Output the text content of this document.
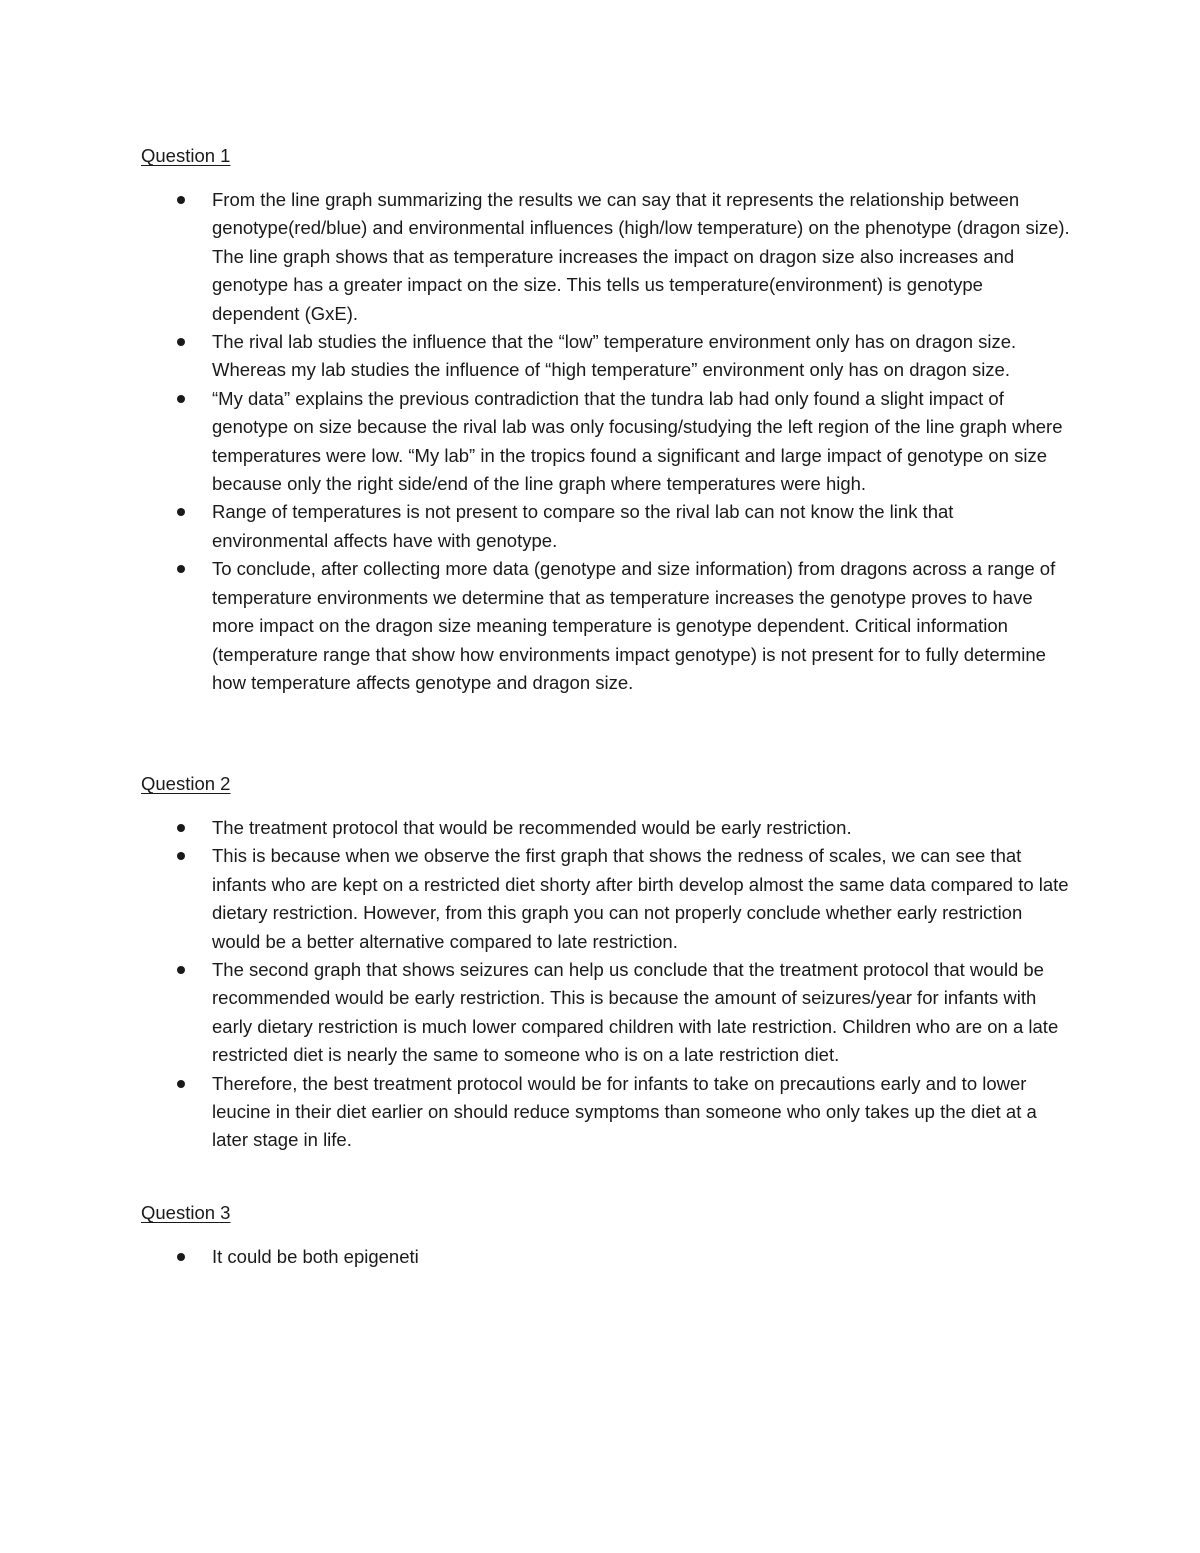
Question 1
From the line graph summarizing the results we can say that it represents the relationship between genotype(red/blue) and environmental influences (high/low temperature) on the phenotype (dragon size). The line graph shows that as temperature increases the impact on dragon size also increases and genotype has a greater impact on the size. This tells us temperature(environment) is genotype dependent (GxE).
The rival lab studies the influence that the “low” temperature environment only has on dragon size. Whereas my lab studies the influence of “high temperature” environment only has on dragon size.
“My data” explains the previous contradiction that the tundra lab had only found a slight impact of genotype on size because the rival lab was only focusing/studying the left region of the line graph where temperatures were low. “My lab” in the tropics found a significant and large impact of genotype on size because only the right side/end of the line graph where temperatures were high.
Range of temperatures is not present to compare so the rival lab can not know the link that environmental affects have with genotype.
To conclude, after collecting more data (genotype and size information) from dragons across a range of temperature environments we determine that as temperature increases the genotype proves to have more impact on the dragon size meaning temperature is genotype dependent. Critical information (temperature range that show how environments impact genotype) is not present for to fully determine how temperature affects genotype and dragon size.
Question 2
The treatment protocol that would be recommended would be early restriction.
This is because when we observe the first graph that shows the redness of scales, we can see that infants who are kept on a restricted diet shorty after birth develop almost the same data compared to late dietary restriction. However, from this graph you can not properly conclude whether early restriction would be a better alternative compared to late restriction.
The second graph that shows seizures can help us conclude that the treatment protocol that would be recommended would be early restriction. This is because the amount of seizures/year for infants with early dietary restriction is much lower compared children with late restriction. Children who are on a late restricted diet is nearly the same to someone who is on a late restriction diet.
Therefore, the best treatment protocol would be for infants to take on precautions early and to lower leucine in their diet earlier on should reduce symptoms than someone who only takes up the diet at a later stage in life.
Question 3
It could be both epigeneti
